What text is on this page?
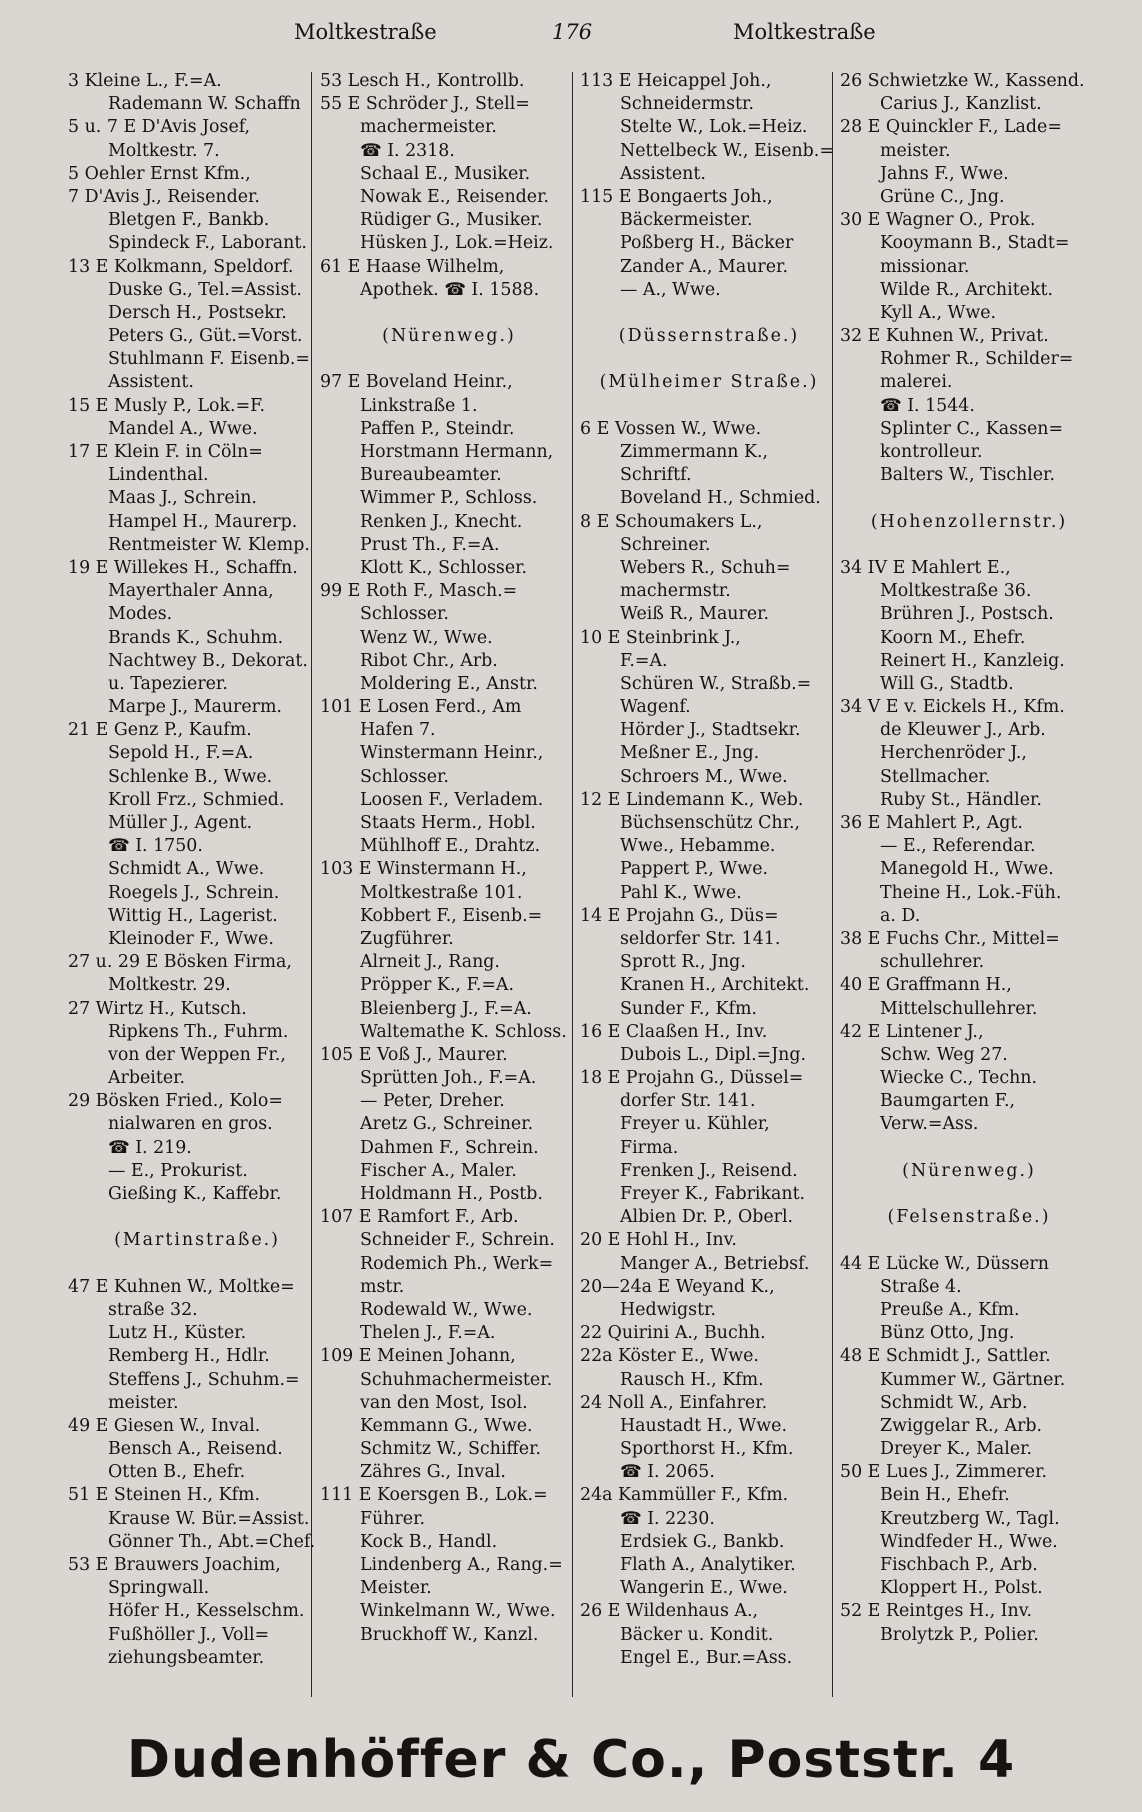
Moltkestraße	176	Moltkestraße
3 Kleine L., F.=A.
Rademann W. Schaffn
5 u. 7 E D'Avis Josef,
Moltkestr. 7.
5 Oehler Ernst Kfm.,
7 D'Avis J., Reisender.
Bletgen F., Bankb.
Spindeck F., Laborant.
13 E Kolkmann, Speldorf.
Duske G., Tel.=Assist.
Dersch H., Postsekr.
Peters G., Güt.=Vorst.
Stuhlmann F. Eisenb.=
Assistent.
15 E Musly P., Lok.=F.
Mandel A., Wwe.
17 E Klein F. in Cöln=
Lindenthal.
Maas J., Schrein.
Hampel H., Maurerp.
Rentmeister W. Klemp.
19 E Willekes H., Schaffn.
Mayerthaler Anna,
Modes.
Brands K., Schuhm.
Nachtwey B., Dekorat.
u. Tapezierer.
Marpe J., Maurerm.
21 E Genz P., Kaufm.
Sepold H., F.=A.
Schlenke B., Wwe.
Kroll Frz., Schmied.
Müller J., Agent.
☎ I. 1750.
Schmidt A., Wwe.
Roegels J., Schrein.
Wittig H., Lagerist.
Kleinoder F., Wwe.
27 u. 29 E Bösken Firma,
Moltkestr. 29.
27 Wirtz H., Kutsch.
Ripkens Th., Fuhrm.
von der Weppen Fr.,
Arbeiter.
29 Bösken Fried., Kolo=
nialwaren en gros.
☎ I. 219.
— E., Prokurist.
Gießing K., Kaffebr.
(Martinstraße.)
47 E Kuhnen W., Moltke=
straße 32.
Lutz H., Küster.
Remberg H., Hdlr.
Steffens J., Schuhm.=
meister.
49 E Giesen W., Inval.
Bensch A., Reisend.
Otten B., Ehefr.
51 E Steinen H., Kfm.
Krause W. Bür.=Assist.
Gönner Th., Abt.=Chef.
53 E Brauwers Joachim,
Springwall.
Höfer H., Kesselschm.
Fußhöller J., Voll=
ziehungsbeamter.
53 Lesch H., Kontrollb.
55 E Schröder J., Stell=
machermeister.
☎ I. 2318.
Schaal E., Musiker.
Nowak E., Reisender.
Rüdiger G., Musiker.
Hüsken J., Lok.=Heiz.
61 E Haase Wilhelm,
Apothek. ☎ I. 1588.
(Nürenweg.)
97 E Boveland Heinr.,
Linkstraße 1.
Paffen P., Steindr.
Horstmann Hermann,
Bureaubeamter.
Wimmer P., Schloss.
Renken J., Knecht.
Prust Th., F.=A.
Klott K., Schlosser.
99 E Roth F., Masch.=
Schlosser.
Wenz W., Wwe.
Ribot Chr., Arb.
Moldering E., Anstr.
101 E Losen Ferd., Am
Hafen 7.
Winstermann Heinr.,
Schlosser.
Loosen F., Verladem.
Staats Herm., Hobl.
Mühlhoff E., Drahtz.
103 E Winstermann H.,
Moltkestraße 101.
Kobbert F., Eisenb.=
Zugführer.
Alrneit J., Rang.
Pröpper K., F.=A.
Bleienberg J., F.=A.
Waltemathe K. Schloss.
105 E Voß J., Maurer.
Sprütten Joh., F.=A.
— Peter, Dreher.
Aretz G., Schreiner.
Dahmen F., Schrein.
Fischer A., Maler.
Holdmann H., Postb.
107 E Ramfort F., Arb.
Schneider F., Schrein.
Rodemich Ph., Werk=
mstr.
Rodewald W., Wwe.
Thelen J., F.=A.
109 E Meinen Johann,
Schuhmachermeister.
van den Most, Isol.
Kemmann G., Wwe.
Schmitz W., Schiffer.
Zähres G., Inval.
111 E Koersgen B., Lok.=
Führer.
Kock B., Handl.
Lindenberg A., Rang.=
Meister.
Winkelmann W., Wwe.
Bruckhoff W., Kanzl.
113 E Heicappel Joh.,
Schneidermstr.
Stelte W., Lok.=Heiz.
Nettelbeck W., Eisenb.=
Assistent.
115 E Bongaerts Joh.,
Bäckermeister.
Poßberg H., Bäcker
Zander A., Maurer.
— A., Wwe.
(Düssernstraße.)
(Mülheimer Straße.)
6 E Vossen W., Wwe.
Zimmermann K.,
Schriftf.
Boveland H., Schmied.
8 E Schoumakers L.,
Schreiner.
Webers R., Schuh=
machermstr.
Weiß R., Maurer.
10 E Steinbrink J.,
F.=A.
Schüren W., Straßb.=
Wagenf.
Hörder J., Stadtsekr.
Meßner E., Jng.
Schroers M., Wwe.
12 E Lindemann K., Web.
Büchsenschütz Chr.,
Wwe., Hebamme.
Pappert P., Wwe.
Pahl K., Wwe.
14 E Projahn G., Düs=
seldorfer Str. 141.
Sprott R., Jng.
Kranen H., Architekt.
Sunder F., Kfm.
16 E Claaßen H., Inv.
Dubois L., Dipl.=Jng.
18 E Projahn G., Düssel=
dorfer Str. 141.
Freyer u. Kühler,
Firma.
Frenken J., Reisend.
Freyer K., Fabrikant.
Albien Dr. P., Oberl.
20 E Hohl H., Inv.
Manger A., Betriebsf.
20—24a E Weyand K.,
Hedwigstr.
22 Quirini A., Buchh.
22a Köster E., Wwe.
Rausch H., Kfm.
24 Noll A., Einfahrer.
Haustadt H., Wwe.
Sporthorst H., Kfm.
☎ I. 2065.
24a Kammüller F., Kfm.
☎ I. 2230.
Erdsiek G., Bankb.
Flath A., Analytiker.
Wangerin E., Wwe.
26 E Wildenhaus A.,
Bäcker u. Kondit.
Engel E., Bur.=Ass.
26 Schwietzke W., Kassend.
Carius J., Kanzlist.
28 E Quinckler F., Lade=
meister.
Jahns F., Wwe.
Grüne C., Jng.
30 E Wagner O., Prok.
Kooymann B., Stadt=
missionar.
Wilde R., Architekt.
Kyll A., Wwe.
32 E Kuhnen W., Privat.
Rohmer R., Schilder=
malerei.
☎ I. 1544.
Splinter C., Kassen=
kontrolleur.
Balters W., Tischler.
(Hohenzollernstr.)
34 IV E Mahlert E.,
Moltkestraße 36.
Brühren J., Postsch.
Koorn M., Ehefr.
Reinert H., Kanzleig.
Will G., Stadtb.
34 V E v. Eickels H., Kfm.
de Kleuwer J., Arb.
Herchenröder J.,
Stellmacher.
Ruby St., Händler.
36 E Mahlert P., Agt.
— E., Referendar.
Manegold H., Wwe.
Theine H., Lok.-Füh.
a. D.
38 E Fuchs Chr., Mittel=
schullehrer.
40 E Graffmann H.,
Mittelschullehrer.
42 E Lintener J.,
Schw. Weg 27.
Wiecke C., Techn.
Baumgarten F.,
Verw.=Ass.
(Nürenweg.)
(Felsenstraße.)
44 E Lücke W., Düssern
Straße 4.
Preuße A., Kfm.
Bünz Otto, Jng.
48 E Schmidt J., Sattler.
Kummer W., Gärtner.
Schmidt W., Arb.
Zwiggelar R., Arb.
Dreyer K., Maler.
50 E Lues J., Zimmerer.
Bein H., Ehefr.
Kreutzberg W., Tagl.
Windfeder H., Wwe.
Fischbach P., Arb.
Kloppert H., Polst.
52 E Reintges H., Inv.
Brolytzk P., Polier.
Dudenhöffer & Co., Poststr. 4
